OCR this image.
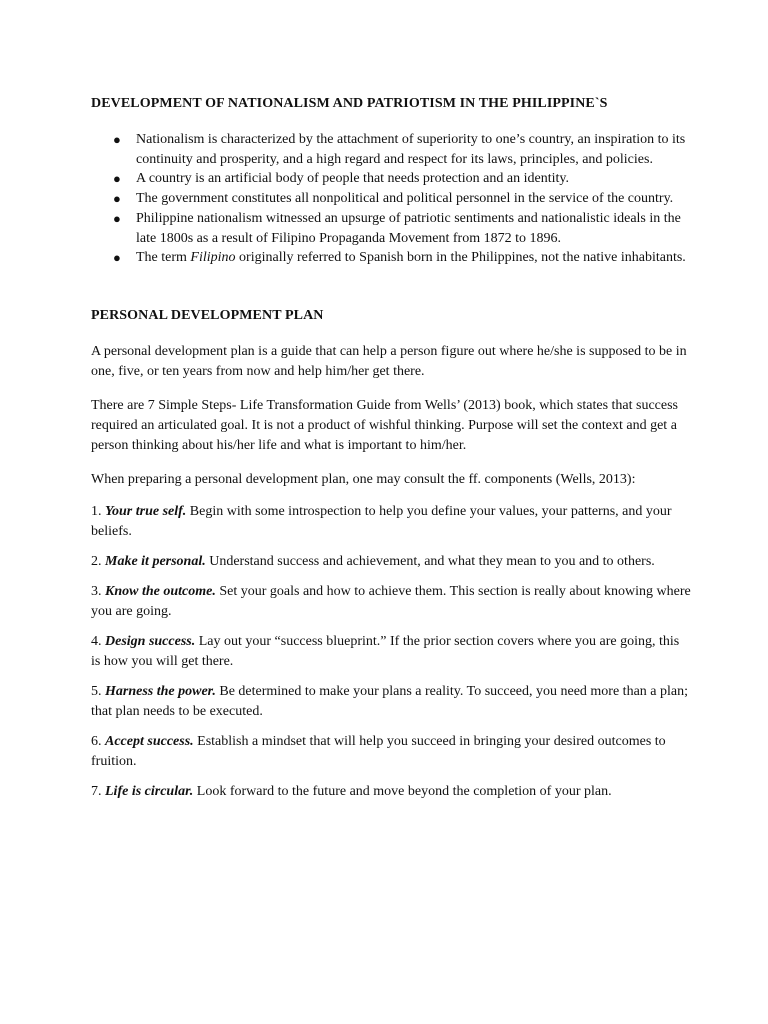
DEVELOPMENT OF NATIONALISM AND PATRIOTISM IN THE PHILIPPINE`S
● Nationalism is characterized by the attachment of superiority to one’s country, an inspiration to its continuity and prosperity, and a high regard and respect for its laws, principles, and policies.
● A country is an artificial body of people that needs protection and an identity.
● The government constitutes all nonpolitical and political personnel in the service of the country.
● Philippine nationalism witnessed an upsurge of patriotic sentiments and nationalistic ideals in the late 1800s as a result of Filipino Propaganda Movement from 1872 to 1896.
● The term Filipino originally referred to Spanish born in the Philippines, not the native inhabitants.
PERSONAL DEVELOPMENT PLAN

A personal development plan is a guide that can help a person figure out where he/she is supposed to be in one, five, or ten years from now and help him/her get there.

There are 7 Simple Steps- Life Transformation Guide from Wells’ (2013) book, which states that success required an articulated goal. It is not a product of wishful thinking. Purpose will set the context and get a person thinking about his/her life and what is important to him/her.

When preparing a personal development plan, one may consult the ff. components (Wells, 2013):

1. Your true self. Begin with some introspection to help you define your values, your patterns, and your beliefs.

2. Make it personal. Understand success and achievement, and what they mean to you and to others.

3. Know the outcome. Set your goals and how to achieve them. This section is really about knowing where you are going.

4. Design success. Lay out your “success blueprint.” If the prior section covers where you are going, this is how you will get there.

5. Harness the power. Be determined to make your plans a reality. To succeed, you need more than a plan; that plan needs to be executed.

6. Accept success. Establish a mindset that will help you succeed in bringing your desired outcomes to fruition.

7. Life is circular. Look forward to the future and move beyond the completion of your plan.
